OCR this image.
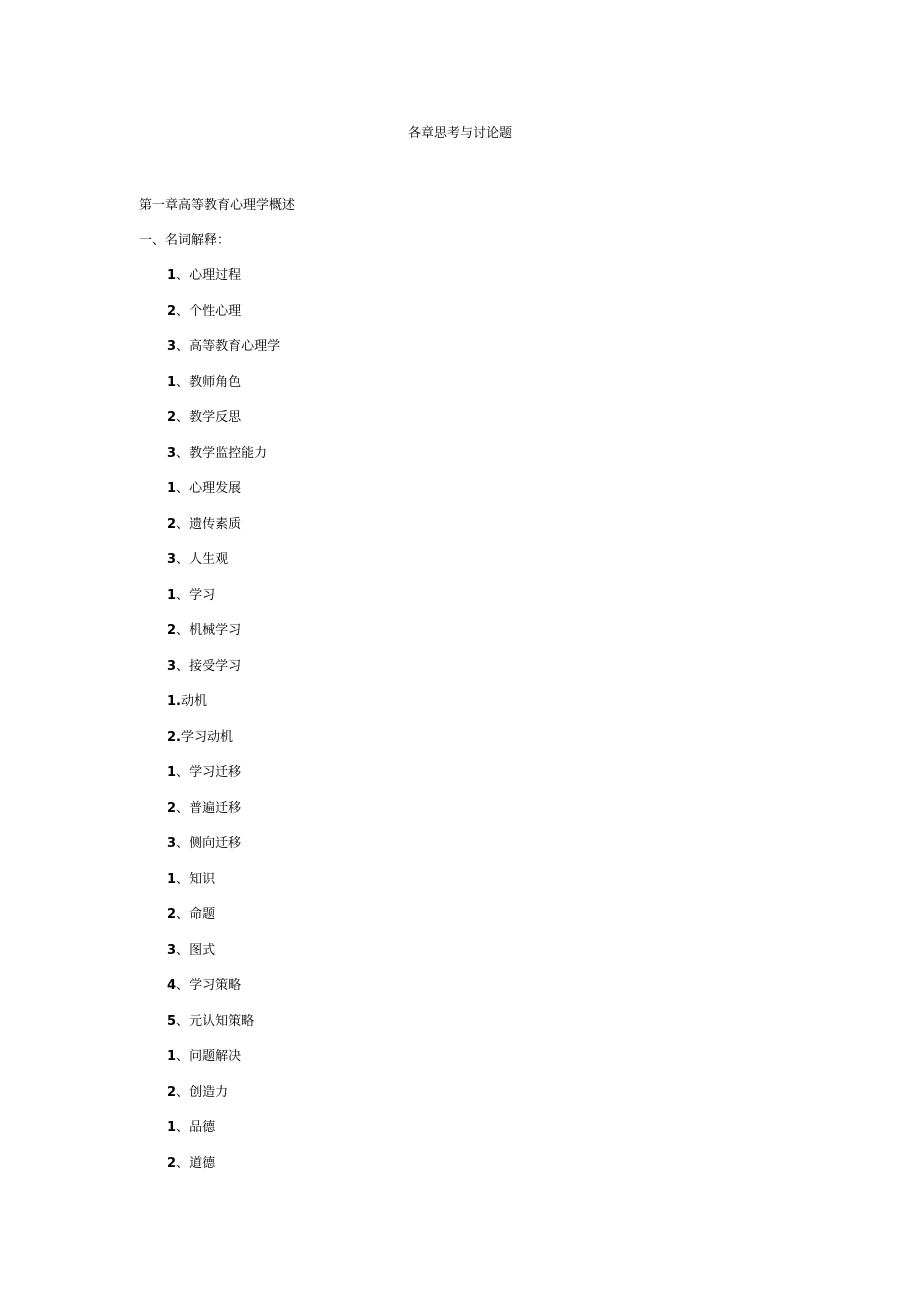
各章思考与讨论题
第一章高等教育心理学概述
一、名词解释：
1、心理过程
2、个性心理
3、高等教育心理学
1、教师角色
2、教学反思
3、教学监控能力
1、心理发展
2、遗传素质
3、人生观
1、学习
2、机械学习
3、接受学习
1.动机
2.学习动机
1、学习迁移
2、普遍迁移
3、侧向迁移
1、知识
2、命题
3、图式
4、学习策略
5、元认知策略
1、问题解决
2、创造力
1、品德
2、道德
